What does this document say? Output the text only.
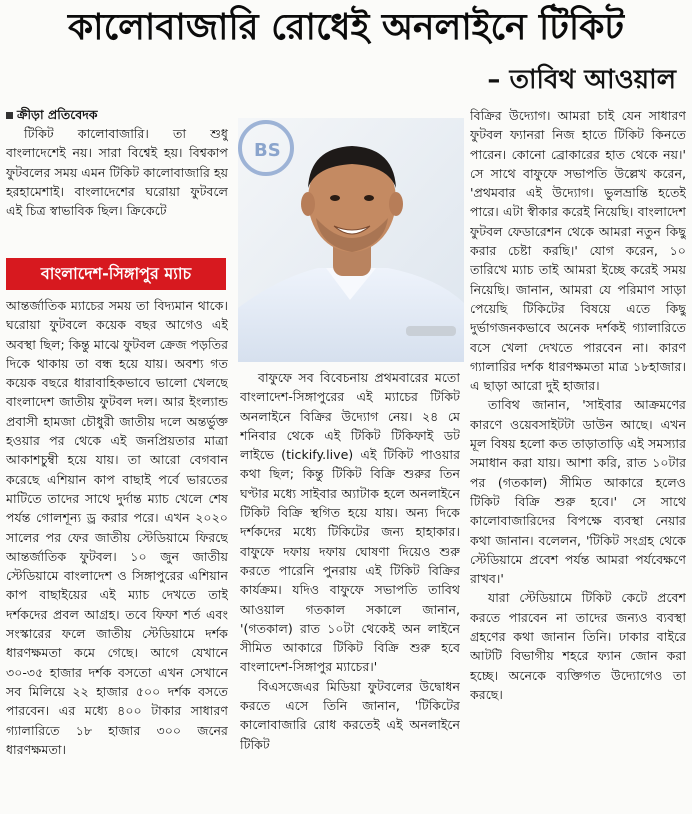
কালোবাজারি রোধেই অনলাইনে টিকিট
– তাবিথ আওয়াল
ক্রীড়া প্রতিবেদক

টিকিট কালোবাজারি। তা শুধু বাংলাদেশেই নয়। সারা বিশ্বেই হয়। বিশ্বকাপ ফুটবলের সময় এমন টিকিট কালোবাজারি হয় হরহামেশাই। বাংলাদেশের ঘরোয়া ফুটবলে এই চিত্র স্বাভাবিক ছিল। ক্রিকেটে

বাংলাদেশ-সিঙ্গাপুর ম্যাচ

আন্তর্জাতিক ম্যাচের সময় তা বিদ্যমান থাকে। ঘরোয়া ফুটবলে কয়েক বছর আগেও এই অবস্থা ছিল; কিন্তু মাঝে ফুটবল ক্রেজ পড়তির দিকে থাকায় তা বন্ধ হয়ে যায়। অবশ্য গত কয়েক বছরে ধারাবাহিকভাবে ভালো খেলছে বাংলাদেশ জাতীয় ফুটবল দল। আর ইংল্যান্ড প্রবাসী হামজা চৌধুরী জাতীয় দলে অন্তর্ভুক্ত হওয়ার পর থেকে এই জনপ্রিয়তার মাত্রা আকাশচুম্বী হয়ে যায়। তা আরো বেগবান করেছে এশিয়ান কাপ বাছাই পর্বে ভারতের মাটিতে তাদের সাথে দুর্দান্ত ম্যাচ খেলে শেষ পর্যন্ত গোলশূন্য ড্র করার পরে। এখন ২০২০ সালের পর ফের জাতীয় স্টেডিয়ামে ফিরছে আন্তর্জাতিক ফুটবল। ১০ জুন জাতীয় স্টেডিয়ামে বাংলাদেশ ও সিঙ্গাপুরের এশিয়ান কাপ বাছাইয়ের এই ম্যাচ দেখতে তাই দর্শকদের প্রবল আগ্রহ। তবে ফিফা শর্ত এবং সংস্কারের ফলে জাতীয় স্টেডিয়ামে দর্শক ধারণক্ষমতা কমে গেছে। আগে যেখানে ৩০-৩৫ হাজার দর্শক বসতো এখন সেখানে সব মিলিয়ে ২২ হাজার ৫০০ দর্শক বসতে পারবেন। এর মধ্যে ৪০০ টাকার সাধারণ গ্যালারিতে ১৮ হাজার ৩০০ জনের ধারণক্ষমতা।

BS

বাফুফে সব বিবেচনায় প্রথমবারের মতো বাংলাদেশ-সিঙ্গাপুরের এই ম্যাচের টিকিট অনলাইনে বিক্রির উদ্যোগ নেয়। ২৪ মে শনিবার থেকে এই টিকিট টিকিফাই ডট লাইভে (tickify.live) এই টিকিট পাওয়ার কথা ছিল; কিন্তু টিকিট বিক্রি শুরুর তিন ঘণ্টার মধ্যে সাইবার অ্যাটাক হলে অনলাইনে টিকিট বিক্রি স্থগিত হয়ে যায়। অন্য দিকে দর্শকদের মধ্যে টিকিটের জন্য হাহাকার। বাফুফে দফায় দফায় ঘোষণা দিয়েও শুরু করতে পারেনি পুনরায় এই টিকিট বিক্রির কার্যক্রম। যদিও বাফুফে সভাপতি তাবিথ আওয়াল গতকাল সকালে জানান, '(গতকাল) রাত ১০টা থেকেই অন লাইনে সীমিত আকারে টিকিট বিক্রি শুরু হবে বাংলাদেশ-সিঙ্গাপুর ম্যাচের।'

বিএসজেএর মিডিয়া ফুটবলের উদ্বোধন করতে এসে তিনি জানান, 'টিকিটের কালোবাজারি রোধ করতেই এই অনলাইনে টিকিট

বিক্রির উদ্যোগ। আমরা চাই যেন সাধারণ ফুটবল ফ্যানরা নিজ হাতে টিকিট কিনতে পারেন। কোনো ব্রোকারের হাত থেকে নয়।' সে সাথে বাফুফে সভাপতি উল্লেখ করেন, 'প্রথমবার এই উদ্যোগ। ভুলভ্রান্তি হতেই পারে। এটা স্বীকার করেই নিয়েছি। বাংলাদেশ ফুটবল ফেডারেশন থেকে আমরা নতুন কিছু করার চেষ্টা করছি।' যোগ করেন, ১০ তারিখে ম্যাচ তাই আমরা ইচ্ছে করেই সময় নিয়েছি। জানান, আমরা যে পরিমাণ সাড়া পেয়েছি টিকিটের বিষয়ে এতে কিছু দুর্ভাগজনকভাবে অনেক দর্শকই গ্যালারিতে বসে খেলা দেখতে পারবেন না। কারণ গ্যালারির দর্শক ধারণক্ষমতা মাত্র ১৮হাজার। এ ছাড়া আরো দুই হাজার।

তাবিথ জানান, 'সাইবার আক্রমণের কারণে ওয়েবসাইটটা ডাউন আছে। এখন মূল বিষয় হলো কত তাড়াতাড়ি এই সমস্যার সমাধান করা যায়। আশা করি, রাত ১০টার পর (গতকাল) সীমিত আকারে হলেও টিকিট বিক্রি শুরু হবে।' সে সাথে কালোবাজারিদের বিপক্ষে ব্যবস্থা নেয়ার কথা জানান। বলেলন, 'টিকিট সংগ্রহ থেকে স্টেডিয়ামে প্রবেশ পর্যন্ত আমরা পর্যবেক্ষণে রাখব।'

যারা স্টেডিয়ামে টিকিট কেটে প্রবেশ করতে পারবেন না তাদের জন্যও ব্যবস্থা গ্রহণের কথা জানান তিনি। ঢাকার বাইরে আটটি বিভাগীয় শহরে ফ্যান জোন করা হচ্ছে। অনেকে ব্যক্তিগত উদ্যোগেও তা করছে।
